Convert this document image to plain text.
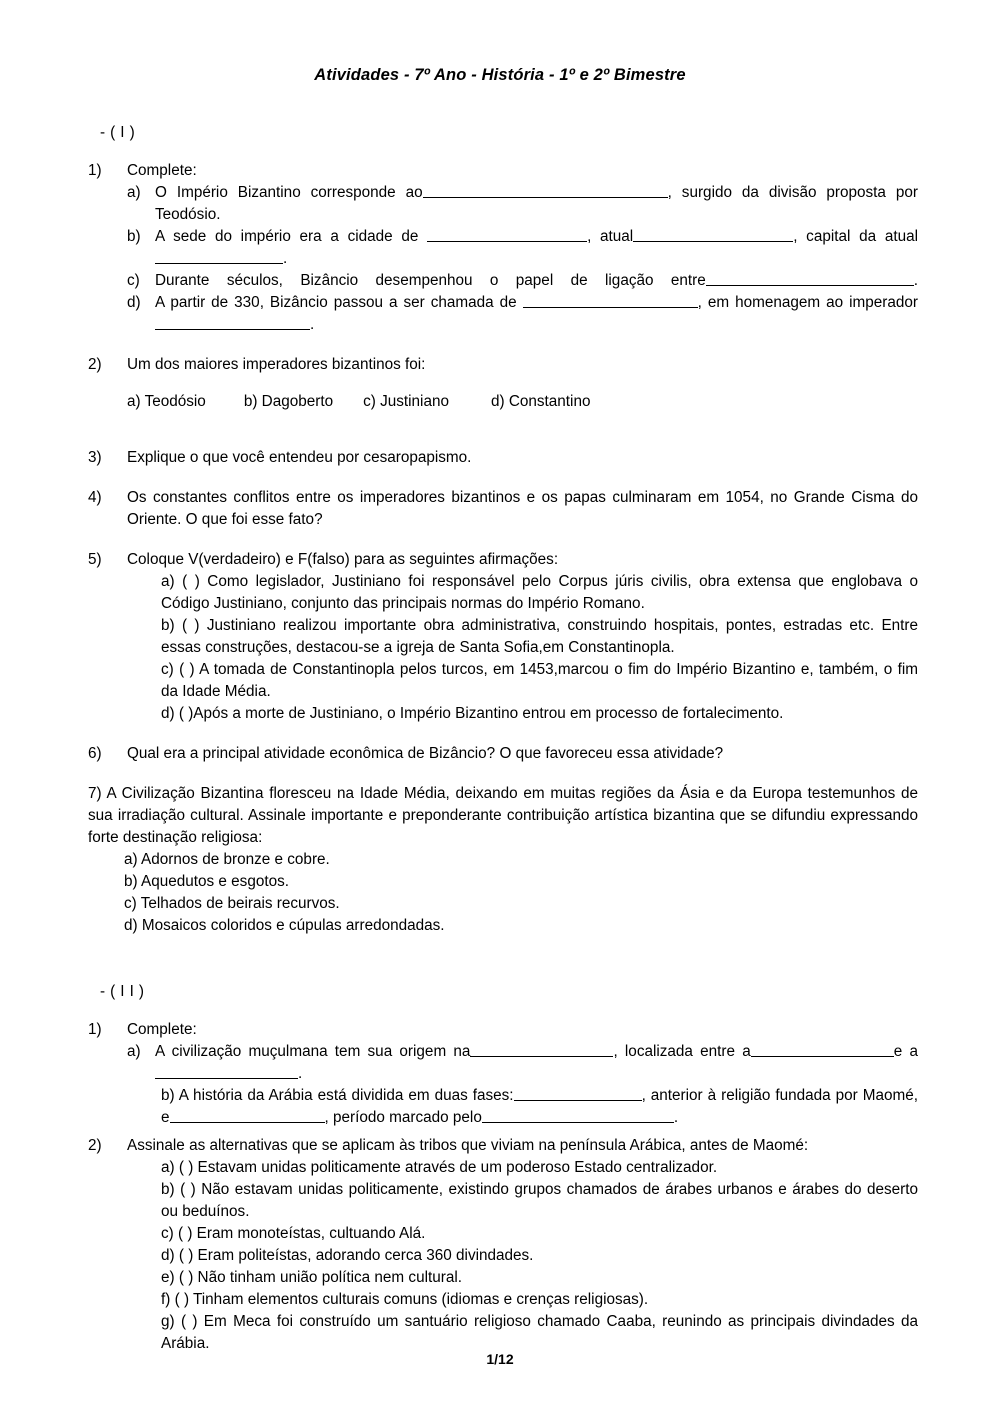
Atividades - 7º Ano - História - 1º e 2º Bimestre
- ( I )
1)	Complete:

a) O Império Bizantino corresponde ao	, surgido da divisão proposta por Teodósio.
b) A sede do império era a cidade de	, atual	, capital da atual.
c) Durante séculos, Bizâncio desempenhou o papel de ligação entre	.
d) A partir de 330, Bizâncio passou a ser chamada de	, em homenagem ao imperador.
2)	Um dos maiores imperadores bizantinos foi:

a) Teodósio b) Dagoberto c) Justiniano	d) Constantino

3)	Explique o que você entendeu por cesaropapismo.

4)	Os constantes conflitos entre os imperadores bizantinos e os papas culminaram em 1054, no Grande Cisma do Oriente. O que foi esse fato?

5)	Coloque V(verdadeiro) e F(falso) para as seguintes afirmações:

a) ( ) Como legislador, Justiniano foi responsável pelo Corpus júris civilis, obra extensa que englobava o Código Justiniano, conjunto das principais normas do Império Romano.

b) ( ) Justiniano realizou importante obra administrativa, construindo hospitais, pontes, estradas etc. Entre essas construções, destacou-se a igreja de Santa Sofia,em Constantinopla.

c) ( ) A tomada de Constantinopla pelos turcos, em 1453,marcou o fim do Império Bizantino e, também, o fim da Idade Média.

d) ( )Após a morte de Justiniano, o Império Bizantino entrou em processo de fortalecimento.

6)	Qual era a principal atividade econômica de Bizâncio? O que favoreceu essa atividade?

7) A Civilização Bizantina floresceu na Idade Média, deixando em muitas regiões da Ásia e da Europa testemunhos de sua irradiação cultural. Assinale importante e preponderante contribuição artística bizantina que se difundiu expressando forte destinação religiosa:

a) Adornos de bronze e cobre.

b) Aquedutos e esgotos.

c) Telhados de beirais recurvos.

d) Mosaicos coloridos e cúpulas arredondadas.

- ( I I )
1)	Complete:

a) A civilização muçulmana tem sua origem na	, localizada entre a	e a .

b) A história da Arábia está dividida em duas fases:	, anterior à religião fundada por Maomé, e	, período marcado pelo	.

2)	Assinale as alternativas que se aplicam às tribos que viviam na península Arábica, antes de Maomé:

a) ( ) Estavam unidas politicamente através de um poderoso Estado centralizador.

b) ( ) Não estavam unidas politicamente, existindo grupos chamados de árabes urbanos e árabes do deserto ou beduínos.

c) ( ) Eram monoteístas, cultuando Alá.

d) ( ) Eram politeístas, adorando cerca 360 divindades.

e) ( ) Não tinham união política nem cultural.

f) ( ) Tinham elementos culturais comuns (idiomas e crenças religiosas).

g) ( ) Em Meca foi construído um santuário religioso chamado Caaba, reunindo as principais divindades da Arábia.

1/12
